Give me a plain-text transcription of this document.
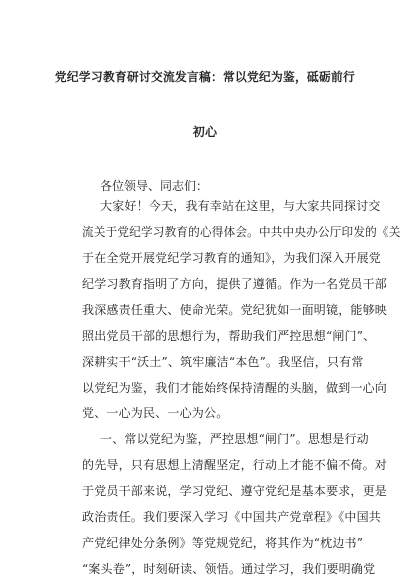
党纪学习教育研讨交流发言稿：常以党纪为鉴，砥砺前行
初心
各位领导、同志们：
大家好！今天，我有幸站在这里，与大家共同探讨交
流关于党纪学习教育的心得体会。中共中央办公厅印发的《关
于在全党开展党纪学习教育的通知》，为我们深入开展党
纪学习教育指明了方向，提供了遵循。作为一名党员干部
我深感责任重大、使命光荣。党纪犹如一面明镜，能够映
照出党员干部的思想行为，帮助我们严控思想“闸门”、
深耕实干“沃土”、筑牢廉洁“本色”。我坚信，只有常
以党纪为鉴，我们才能始终保持清醒的头脑，做到一心向
党、一心为民、一心为公。
一、常以党纪为鉴，严控思想“闸门”。思想是行动
的先导，只有思想上清醒坚定，行动上才能不偏不倚。对
于党员干部来说，学习党纪、遵守党纪是基本要求，更是
政治责任。我们要深入学习《中国共产党章程》《中国共
产党纪律处分条例》等党规党纪，将其作为“枕边书”
“案头卷”，时刻研读、领悟。通过学习，我们要明确党
